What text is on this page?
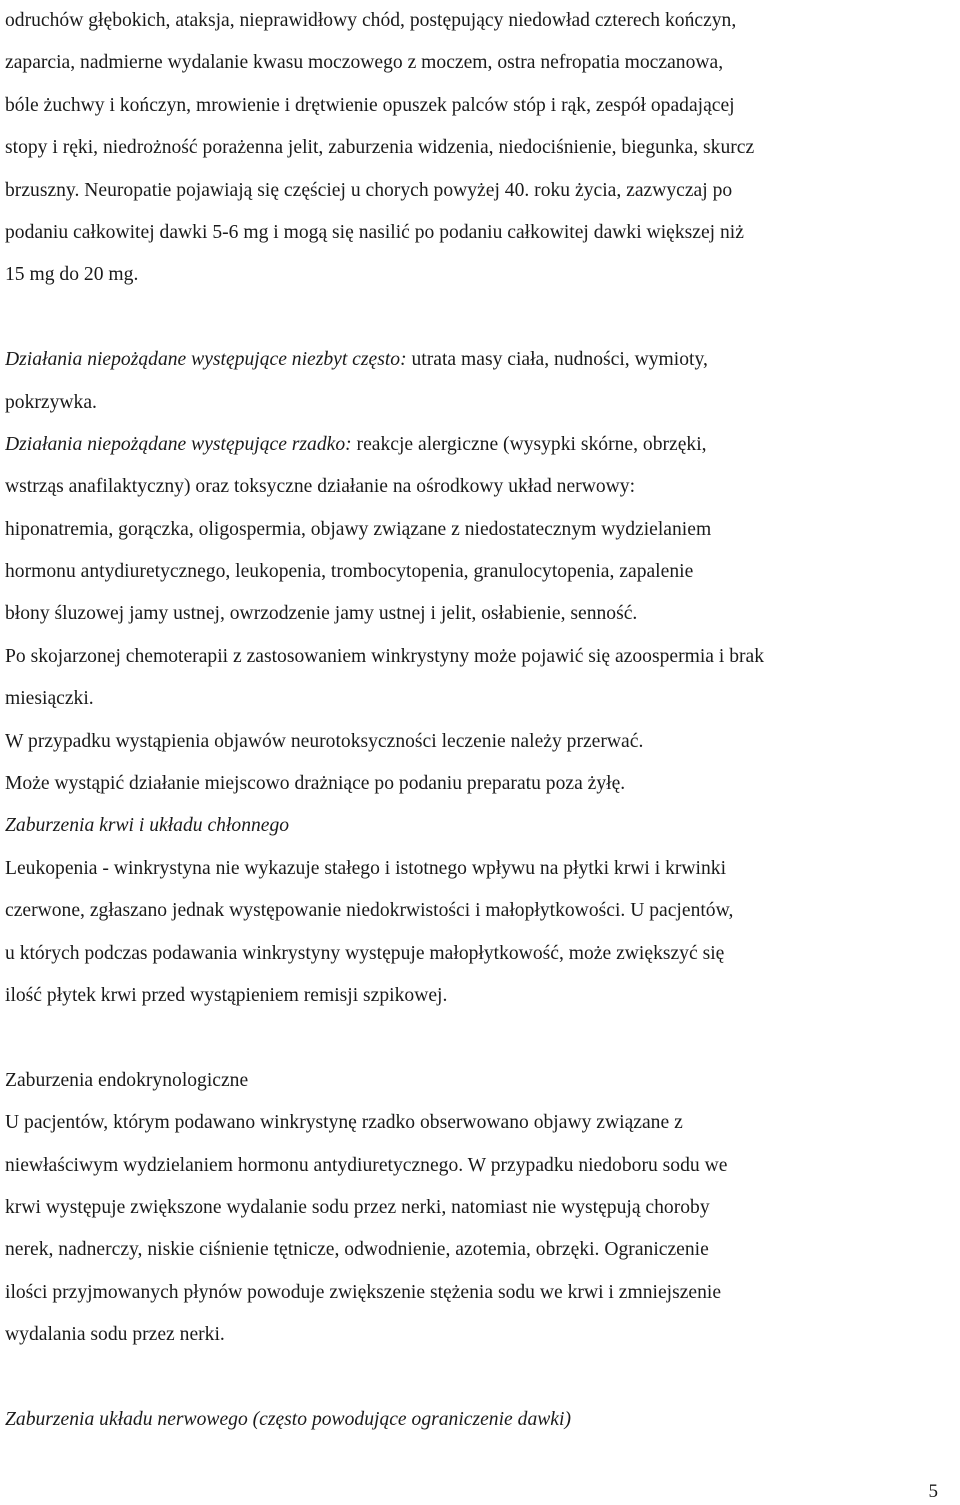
odruchów głębokich, ataksja, nieprawidłowy chód, postępujący niedowład czterech kończyn,
zaparcia, nadmierne wydalanie kwasu moczowego z moczem, ostra nefropatia moczanowa,
bóle żuchwy i kończyn, mrowienie i drętwienie opuszek palców stóp i rąk, zespół opadającej
stopy i ręki, niedrożność porażenna jelit, zaburzenia widzenia, niedociśnienie, biegunka, skurcz
brzuszny. Neuropatie pojawiają się częściej u chorych powyżej 40. roku życia, zazwyczaj po
podaniu całkowitej dawki 5-6 mg i mogą się nasilić po podaniu całkowitej dawki większej niż
15 mg do 20 mg.
Działania niepożądane występujące niezbyt często: utrata masy ciała, nudności, wymioty,
pokrzywka.
Działania niepożądane występujące rzadko: reakcje alergiczne (wysypki skórne, obrzęki,
wstrząs anafilaktyczny) oraz toksyczne działanie na ośrodkowy układ nerwowy:
hiponatremia, gorączka, oligospermia, objawy związane z niedostatecznym wydzielaniem
hormonu antydiuretycznego, leukopenia, trombocytopenia, granulocytopenia, zapalenie
błony śluzowej jamy ustnej, owrzodzenie jamy ustnej i jelit, osłabienie, senność.
Po skojarzonej chemoterapii z zastosowaniem winkrystyny może pojawić się azoospermia i brak
miesiączki.
W przypadku wystąpienia objawów neurotoksyczności leczenie należy przerwać.
Może wystąpić działanie miejscowo drażniące po podaniu preparatu poza żyłę.
Zaburzenia krwi i układu chłonnego
Leukopenia - winkrystyna nie wykazuje stałego i istotnego wpływu na płytki krwi i krwinki
czerwone, zgłaszano jednak występowanie niedokrwistości i małopłytkowości. U pacjentów,
u których podczas podawania winkrystyny występuje małopłytkowość, może zwiększyć się
ilość płytek krwi przed wystąpieniem remisji szpikowej.
Zaburzenia endokrynologiczne
U pacjentów, którym podawano winkrystynę rzadko obserwowano objawy związane z
niewłaściwym wydzielaniem hormonu antydiuretycznego. W przypadku niedoboru sodu we
krwi występuje zwiększone wydalanie sodu przez nerki, natomiast nie występują choroby
nerek, nadnerczy, niskie ciśnienie tętnicze, odwodnienie, azotemia, obrzęki. Ograniczenie
ilości przyjmowanych płynów powoduje zwiększenie stężenia sodu we krwi i zmniejszenie
wydalania sodu przez nerki.
Zaburzenia układu nerwowego (często powodujące ograniczenie dawki)
5
